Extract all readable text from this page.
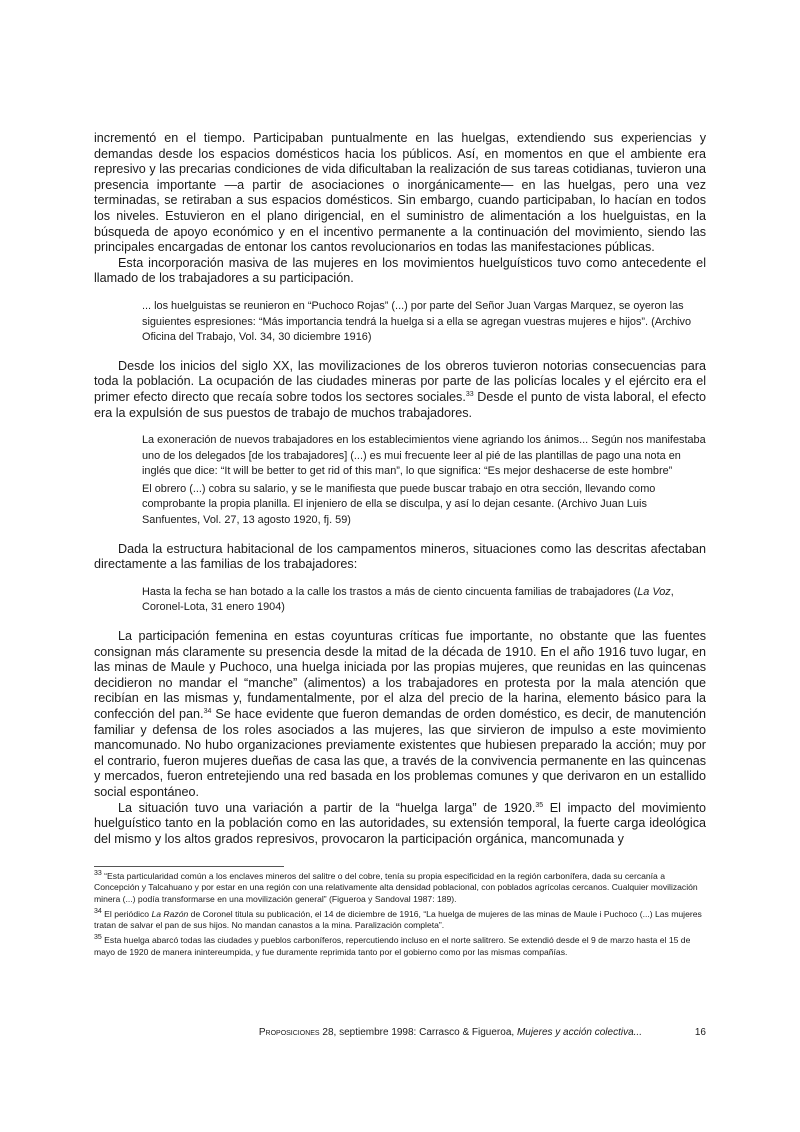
incrementó en el tiempo. Participaban puntualmente en las huelgas, extendiendo sus experiencias y demandas desde los espacios domésticos hacia los públicos. Así, en momentos en que el ambiente era represivo y las precarias condiciones de vida dificultaban la realización de sus tareas cotidianas, tuvieron una presencia importante —a partir de asociaciones o inorgánicamente— en las huelgas, pero una vez terminadas, se retiraban a sus espacios domésticos. Sin embargo, cuando participaban, lo hacían en todos los niveles. Estuvieron en el plano dirigencial, en el suministro de alimentación a los huelguistas, en la búsqueda de apoyo económico y en el incentivo permanente a la continuación del movimiento, siendo las principales encargadas de entonar los cantos revolucionarios en todas las manifestaciones públicas.

Esta incorporación masiva de las mujeres en los movimientos huelguísticos tuvo como antecedente el llamado de los trabajadores a su participación.

... los huelguistas se reunieron en “Puchoco Rojas” (...) por parte del Señor Juan Vargas Marquez, se oyeron las siguientes espresiones: “Más importancia tendrá la huelga si a ella se agregan vuestras mujeres e hijos”. (Archivo Oficina del Trabajo, Vol. 34, 30 diciembre 1916)

Desde los inicios del siglo XX, las movilizaciones de los obreros tuvieron notorias consecuencias para toda la población. La ocupación de las ciudades mineras por parte de las policías locales y el ejército era el primer efecto directo que recaía sobre todos los sectores sociales.$^{33}$ Desde el punto de vista laboral, el efecto era la expulsión de sus puestos de trabajo de muchos trabajadores.

La exoneración de nuevos trabajadores en los establecimientos viene agriando los ánimos... Según nos manifestaba uno de los delegados [de los trabajadores] (...) es mui frecuente leer al pié de las plantillas de pago una nota en inglés que dice: “It will be better to get rid of this man”, lo que significa: “Es mejor deshacerse de este hombre”

El obrero (...) cobra su salario, y se le manifiesta que puede buscar trabajo en otra sección, llevando como comprobante la propia planilla. El injeniero de ella se disculpa, y así lo dejan cesante. (Archivo Juan Luis Sanfuentes, Vol. 27, 13 agosto 1920, fj. 59)

Dada la estructura habitacional de los campamentos mineros, situaciones como las descritas afectaban directamente a las familias de los trabajadores:

Hasta la fecha se han botado a la calle los trastos a más de ciento cincuenta familias de trabajadores (La Voz, Coronel-Lota, 31 enero 1904)

La participación femenina en estas coyunturas críticas fue importante, no obstante que las fuentes consignan más claramente su presencia desde la mitad de la década de 1910. En el año 1916 tuvo lugar, en las minas de Maule y Puchoco, una huelga iniciada por las propias mujeres, que reunidas en las quincenas decidieron no mandar el “manche” (alimentos) a los trabajadores en protesta por la mala atención que recibían en las mismas y, fundamentalmente, por el alza del precio de la harina, elemento básico para la confección del pan.$^{34}$ Se hace evidente que fueron demandas de orden doméstico, es decir, de manutención familiar y defensa de los roles asociados a las mujeres, las que sirvieron de impulso a este movimiento mancomunado. No hubo organizaciones previamente existentes que hubiesen preparado la acción; muy por el contrario, fueron mujeres dueñas de casa las que, a través de la convivencia permanente en las quincenas y mercados, fueron entretejiendo una red basada en los problemas comunes y que derivaron en un estallido social espontáneo.

La situación tuvo una variación a partir de la “huelga larga” de 1920.35 El impacto del movimiento huelguístico tanto en la población como en las autoridades, su extensión temporal, la fuerte carga ideológica del mismo y los altos grados represivos, provocaron la participación orgánica, mancomunada y

$^{33}$ “Esta particularidad común a los enclaves mineros del salitre o del cobre, tenía su propia especificidad en la región carbonífera, dada su cercanía a Concepción y Talcahuano y por estar en una región con una relativamente alta densidad poblacional, con poblados agrícolas cercanos. Cualquier movilización minera (...) podía transformarse en una movilización general” (Figueroa y Sandoval 1987: 189).

$^{34}$ El periódico La Razón de Coronel titula su publicación, el 14 de diciembre de 1916, “La huelga de mujeres de las minas de Maule i Puchoco (...) Las mujeres tratan de salvar el pan de sus hijos. No mandan canastos a la mina. Paralización completa”.

$^{35}$ Esta huelga abarcó todas las ciudades y pueblos carboníferos, repercutiendo incluso en el norte salitrero. Se extendió desde el 9 de marzo hasta el 15 de mayo de 1920 de manera inintereumpida, y fue duramente reprimida tanto por el gobierno como por las mismas compañías.

Proposiciones 28, septiembre 1998: Carrasco & Figueroa, Mujeres y acción colectiva...	16
